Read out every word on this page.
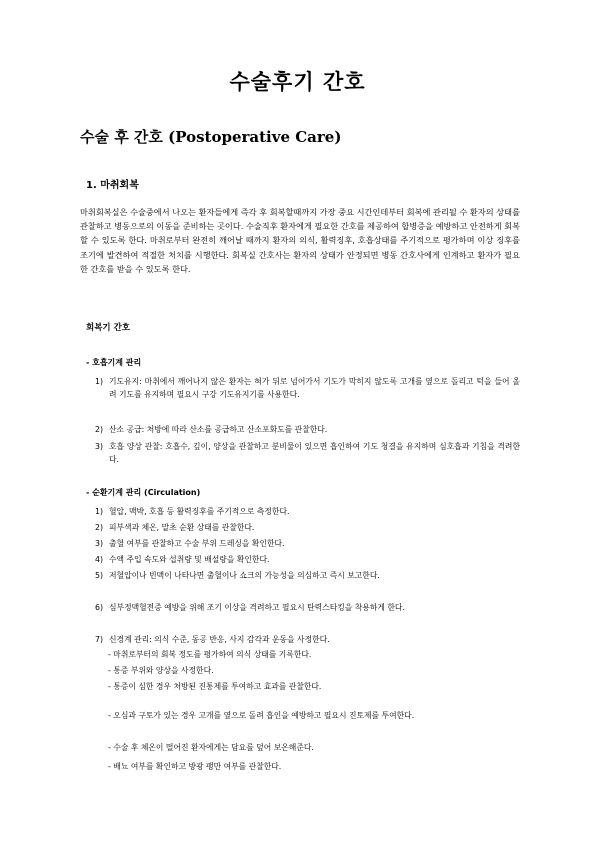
수술후기 간호
수술 후 간호 (Postoperative Care)
1. 마취회복
마취회복실은 수술중에서 나오는 환자들에게 즉각 후 회복할때까지 가장 중요 시간인데부터 회복에 관리될 수 환자의 상태를 관찰하고 병동으로의 이동을 준비하는 곳이다. 수술직후 환자에게 필요한 간호를 제공하여 합병증을 예방하고 안전하게 회복할 수 있도록 한다. 마취로부터 완전히 깨어날 때까지 환자의 의식, 활력징후, 호흡상태를 주기적으로 평가하며 이상 징후를 조기에 발견하여 적절한 처치를 시행한다. 회복실 간호사는 환자의 상태가 안정되면 병동 간호사에게 인계하고 환자가 필요한 간호를 받을 수 있도록 한다.
회복기 간호
- 호흡기계 관리
1) 기도유지: 마취에서 깨어나지 않은 환자는 혀가 뒤로 넘어가서 기도가 막히지 않도록 고개를 옆으로 돌리고 턱을 들어 올려 기도를 유지하며 필요시 구강 기도유지기를 사용한다.
2) 산소 공급: 처방에 따라 산소를 공급하고 산소포화도를 관찰한다.
3) 호흡 양상 관찰: 호흡수, 깊이, 양상을 관찰하고 분비물이 있으면 흡인하여 기도 청결을 유지하며 심호흡과 기침을 격려한다.
- 순환기계 관리 (Circulation)
1) 혈압, 맥박, 호흡 등 활력징후를 주기적으로 측정한다.
2) 피부색과 체온, 말초 순환 상태를 관찰한다.
3) 출혈 여부를 관찰하고 수술 부위 드레싱을 확인한다.
4) 수액 주입 속도와 섭취량 및 배설량을 확인한다.
5) 저혈압이나 빈맥이 나타나면 출혈이나 쇼크의 가능성을 의심하고 즉시 보고한다.
6) 심부정맥혈전증 예방을 위해 조기 이상을 격려하고 필요시 탄력스타킹을 착용하게 한다.
7) 신경계 관리: 의식 수준, 동공 반응, 사지 감각과 운동을 사정한다.
- 마취로부터의 회복 정도를 평가하여 의식 상태를 기록한다.
- 통증 부위와 양상을 사정한다.
- 통증이 심한 경우 처방된 진통제를 투여하고 효과를 관찰한다.
- 오심과 구토가 있는 경우 고개를 옆으로 돌려 흡인을 예방하고 필요시 진토제를 투여한다.
- 수술 후 체온이 떨어진 환자에게는 담요를 덮어 보온해준다.
- 배뇨 여부를 확인하고 방광 팽만 여부를 관찰한다.
